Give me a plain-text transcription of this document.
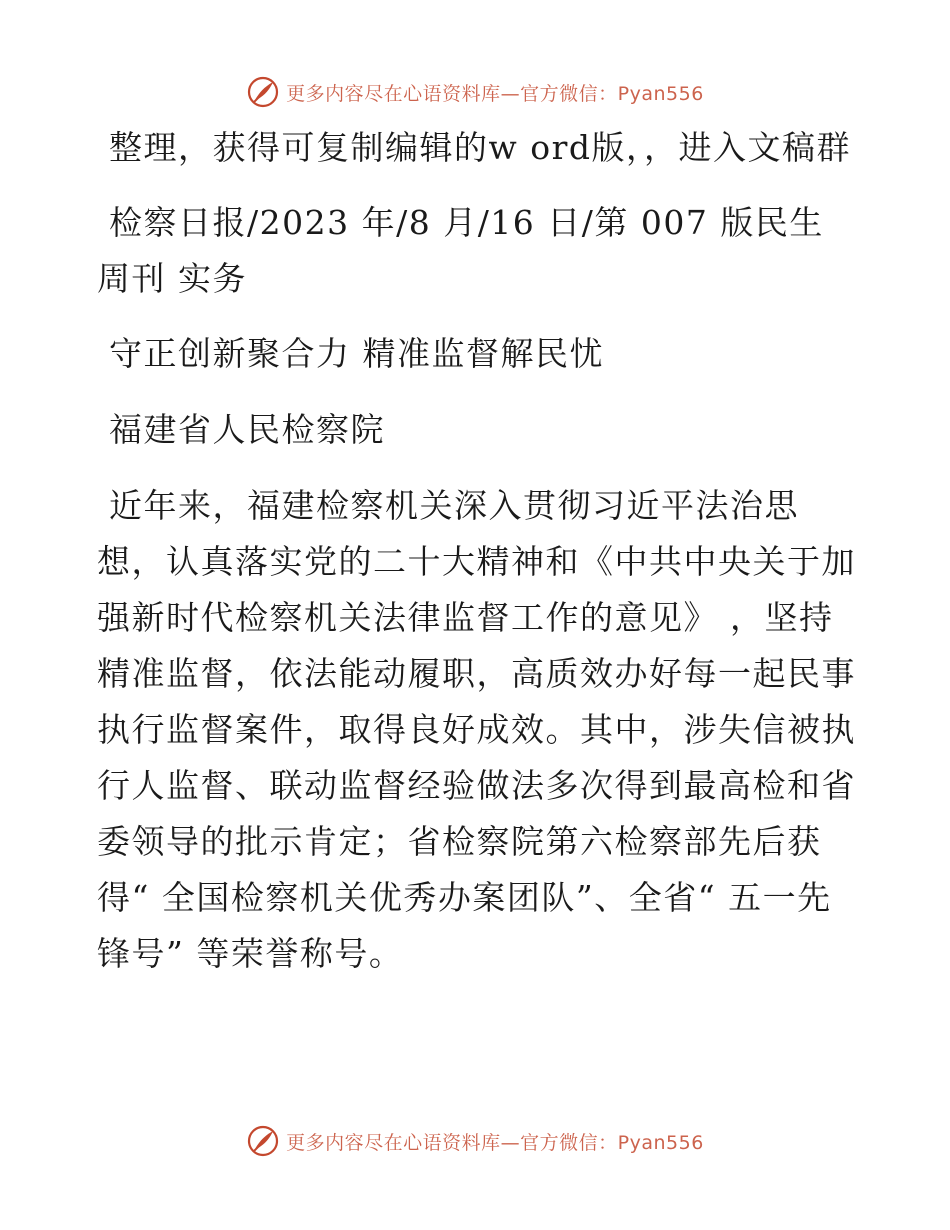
更多内容尽在心语资料库—官方微信：Pyan556

整理，获得可复制编辑的w ord版，，进入文稿群

检察日报/2023 年/8 月/16 日/第 007 版民生周刊 实务

守正创新聚合力 精准监督解民忧

福建省人民检察院

近年来，福建检察机关深入贯彻习近平法治思想，认真落实党的二十大精神和《中共中央关于加强新时代检察机关法律监督工作的意见》 ，坚持精准监督，依法能动履职，高质效办好每一起民事执行监督案件，取得良好成效。其中，涉失信被执行人监督、联动监督经验做法多次得到最高检和省委领导的批示肯定；省检察院第六检察部先后获得“ 全国检察机关优秀办案团队”、全省“ 五一先锋号” 等荣誉称号。

更多内容尽在心语资料库—官方微信：Pyan556
